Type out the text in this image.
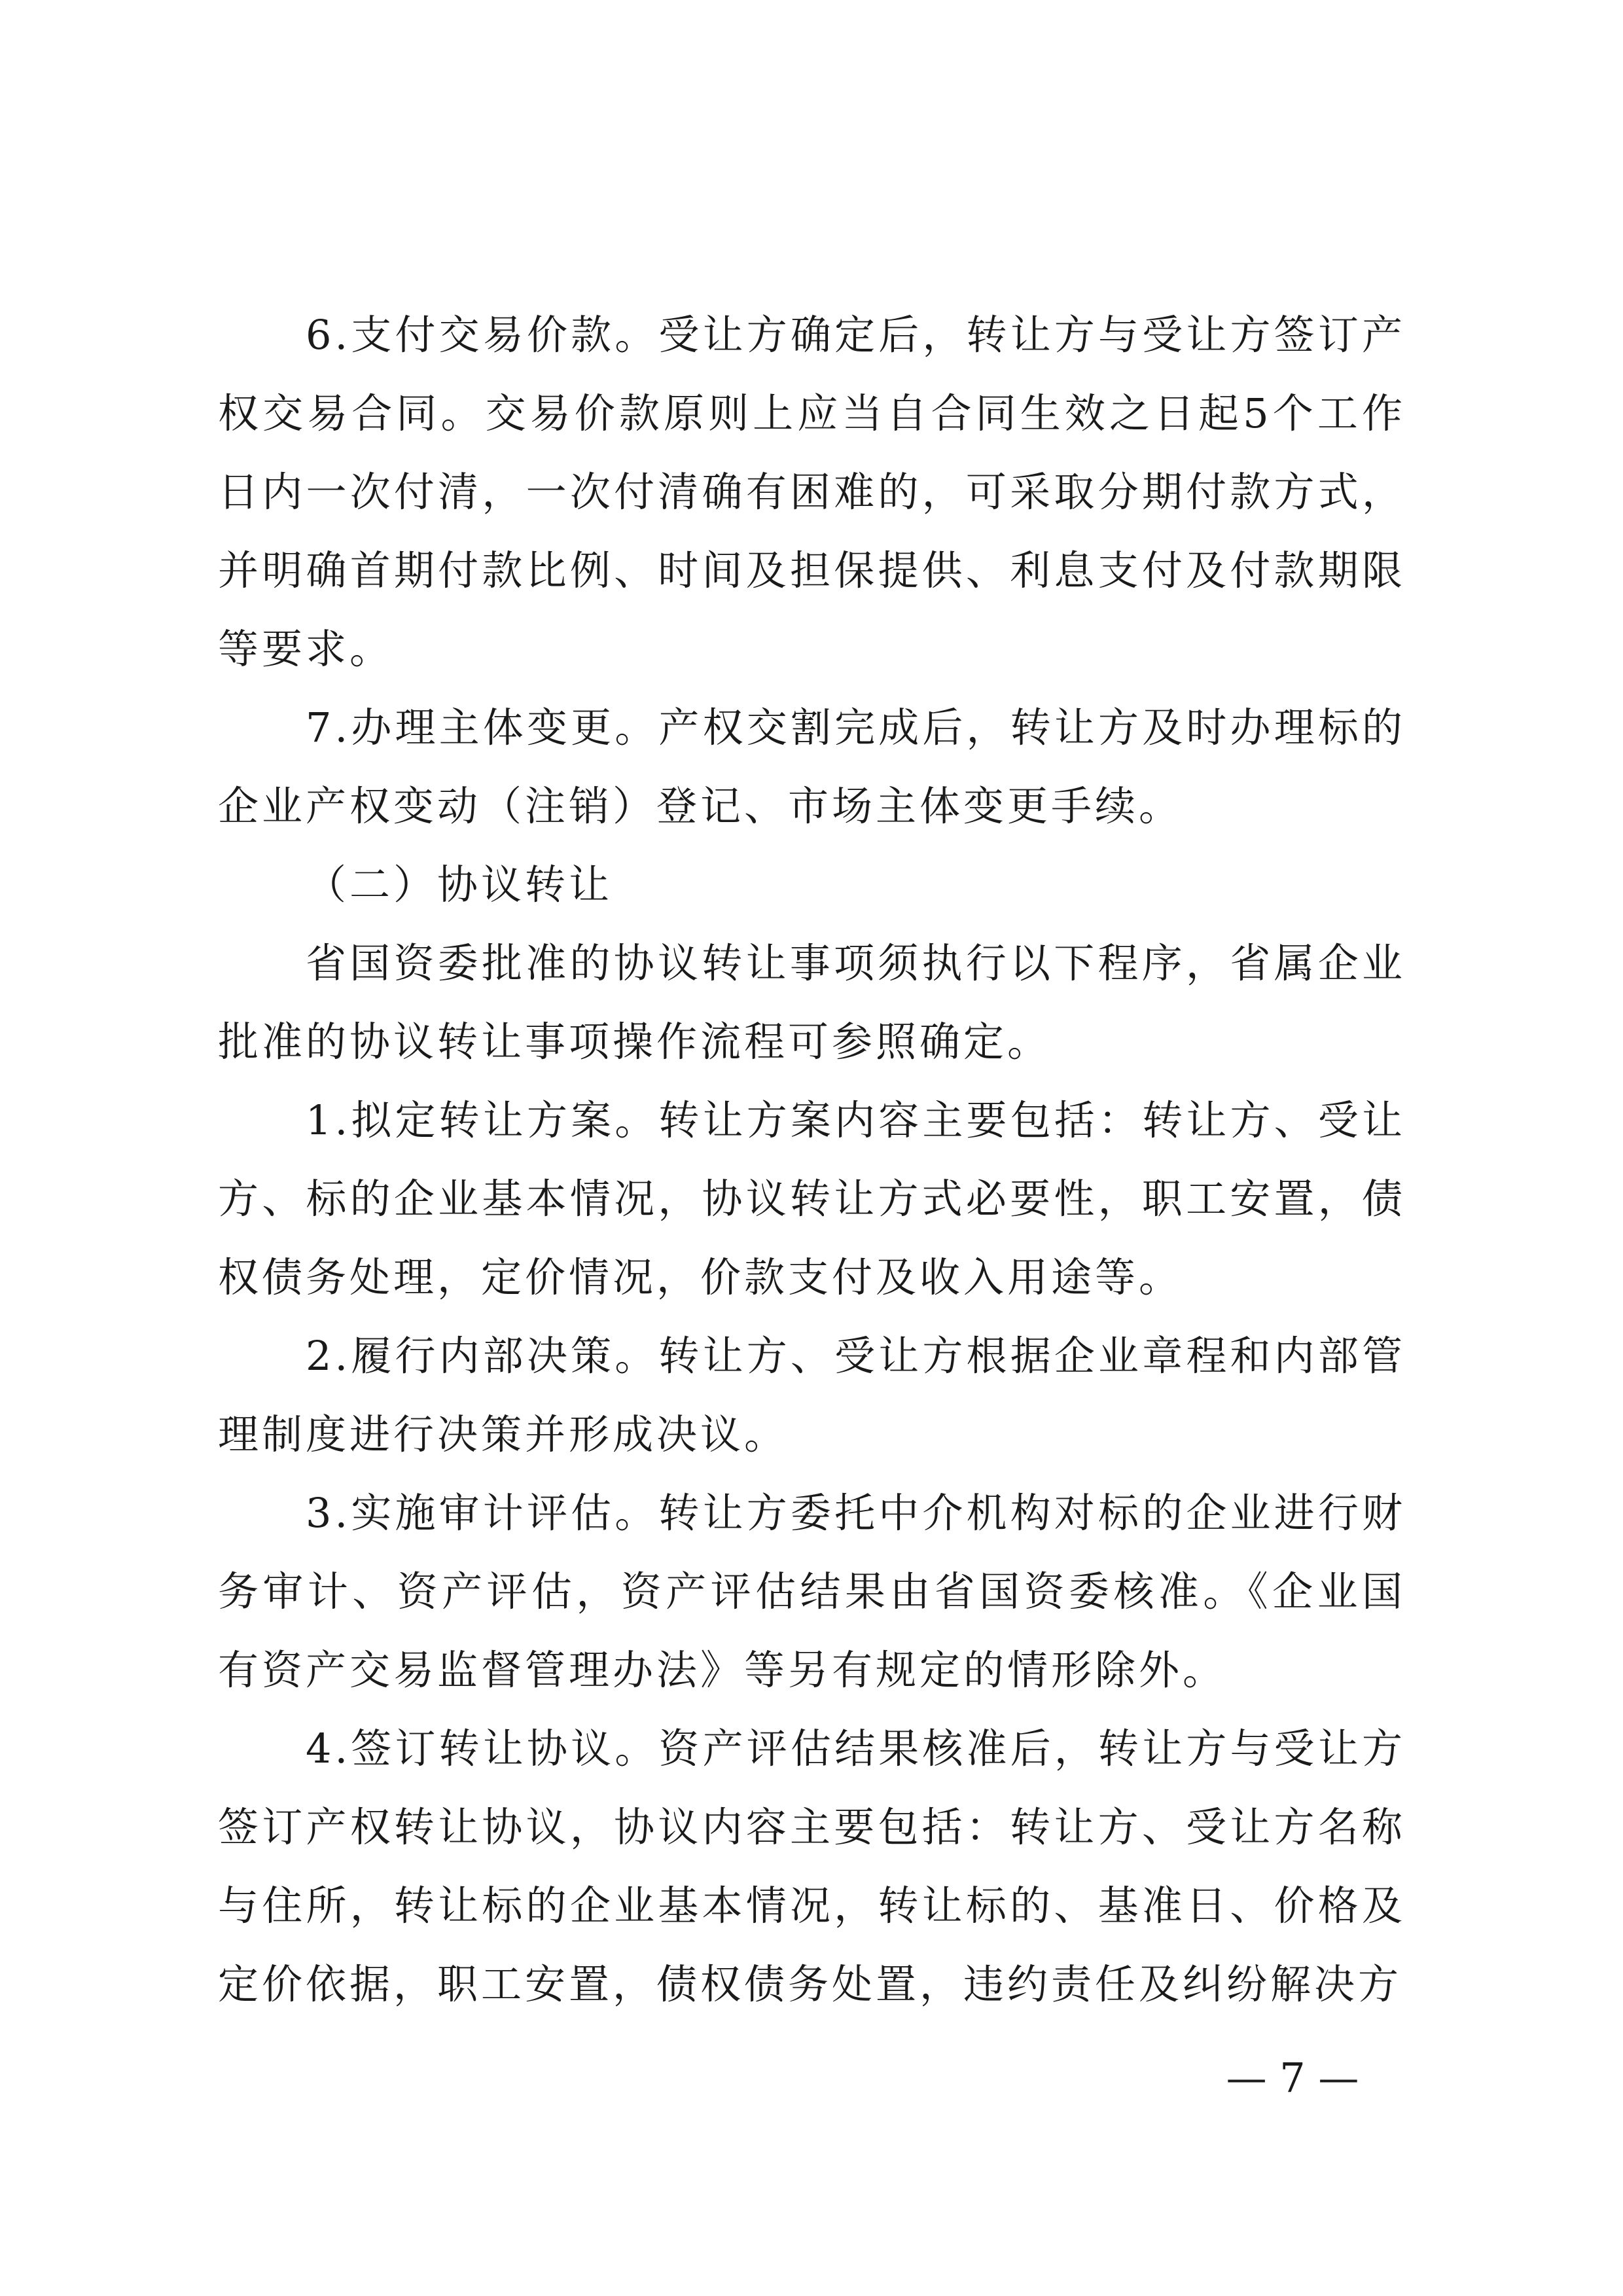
6.支付交易价款。受让方确定后，转让方与受让方签订产权交易合同。交易价款原则上应当自合同生效之日起5个工作日内一次付清，一次付清确有困难的，可采取分期付款方式，并明确首期付款比例、时间及担保提供、利息支付及付款期限等要求。

7.办理主体变更。产权交割完成后，转让方及时办理标的企业产权变动（注销）登记、市场主体变更手续。

（二）协议转让

省国资委批准的协议转让事项须执行以下程序，省属企业批准的协议转让事项操作流程可参照确定。

1.拟定转让方案。转让方案内容主要包括：转让方、受让方、标的企业基本情况，协议转让方式必要性，职工安置，债权债务处理，定价情况，价款支付及收入用途等。

2.履行内部决策。转让方、受让方根据企业章程和内部管理制度进行决策并形成决议。

3.实施审计评估。转让方委托中介机构对标的企业进行财务审计、资产评估，资产评估结果由省国资委核准。《企业国有资产交易监督管理办法》等另有规定的情形除外。

4.签订转让协议。资产评估结果核准后，转让方与受让方签订产权转让协议，协议内容主要包括：转让方、受让方名称与住所，转让标的企业基本情况，转让标的、基准日、价格及定价依据，职工安置，债权债务处置，违约责任及纠纷解决方

— 7 —
